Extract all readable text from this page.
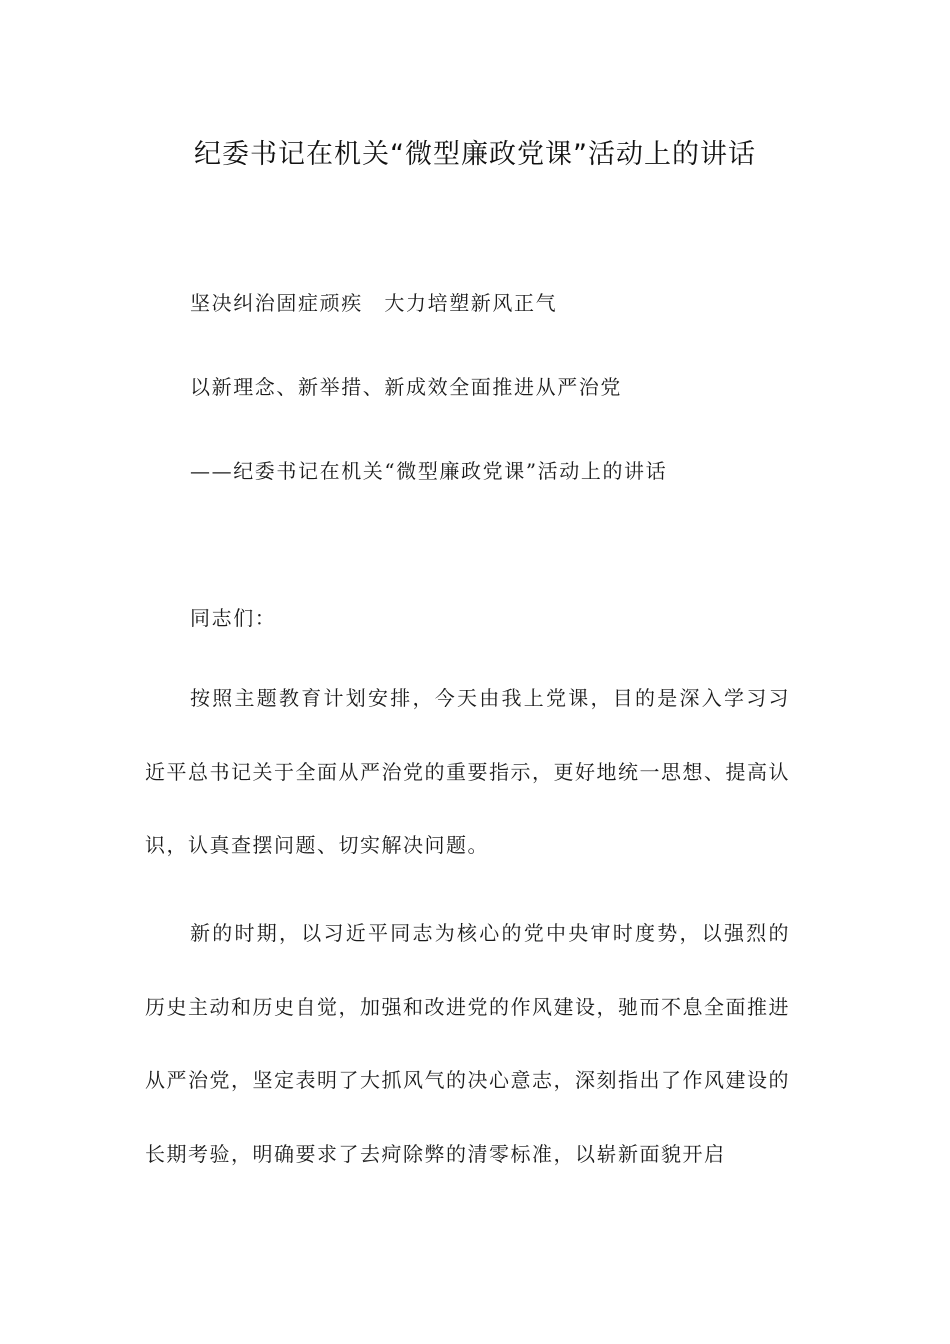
纪委书记在机关“微型廉政党课”活动上的讲话
坚决纠治固症顽疾　大力培塑新风正气
以新理念、新举措、新成效全面推进从严治党
——纪委书记在机关“微型廉政党课”活动上的讲话
同志们：

按照主题教育计划安排，今天由我上党课，目的是深入学习习近平总书记关于全面从严治党的重要指示，更好地统一思想、提高认识，认真查摆问题、切实解决问题。

新的时期，以习近平同志为核心的党中央审时度势，以强烈的历史主动和历史自觉，加强和改进党的作风建设，驰而不息全面推进从严治党，坚定表明了大抓风气的决心意志，深刻指出了作风建设的长期考验，明确要求了去疴除弊的清零标准，以崭新面貌开启
